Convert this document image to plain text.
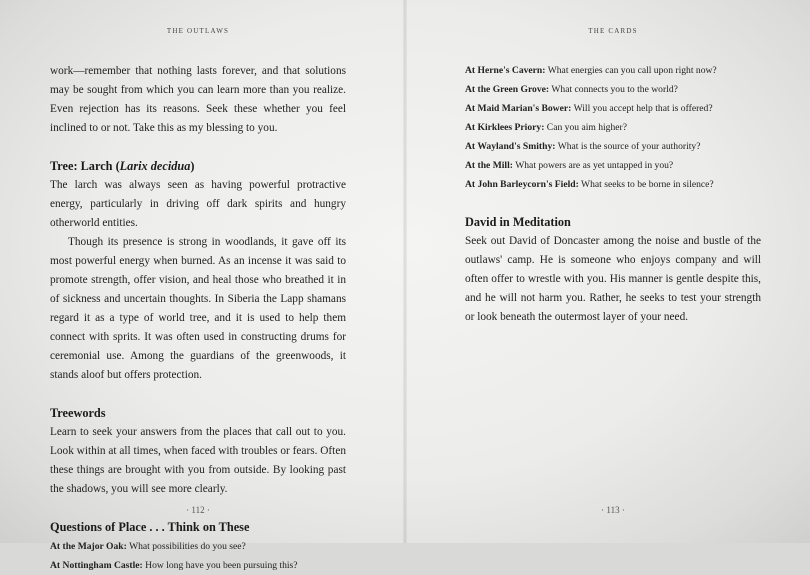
THE OUTLAWS

work—remember that nothing lasts forever, and that solutions may be sought from which you can learn more than you realize. Even rejection has its reasons. Seek these whether you feel inclined to or not. Take this as my blessing to you.

Tree: Larch (Larix decidua)

The larch was always seen as having powerful protractive energy, particularly in driving off dark spirits and hungry otherworld entities.

Though its presence is strong in woodlands, it gave off its most powerful energy when burned. As an incense it was said to promote strength, offer vision, and heal those who breathed it in of sickness and uncertain thoughts. In Siberia the Lapp shamans regard it as a type of world tree, and it is used to help them connect with sprits. It was often used in constructing drums for ceremonial use. Among the guardians of the greenwoods, it stands aloof but offers protection.

Treewords

Learn to seek your answers from the places that call out to you. Look within at all times, when faced with troubles or fears. Often these things are brought with you from outside. By looking past the shadows, you will see more clearly.

Questions of Place . . . Think on These
At the Major Oak: What possibilities do you see?
At Nottingham Castle: How long have you been pursuing this?
· 112 ·
THE CARDS
At Herne's Cavern: What energies can you call upon right now?
At the Green Grove: What connects you to the world?
At Maid Marian's Bower: Will you accept help that is offered?
At Kirklees Priory: Can you aim higher?
At Wayland's Smithy: What is the source of your authority?
At the Mill: What powers are as yet untapped in you?
At John Barleycorn's Field: What seeks to be borne in silence?
David in Meditation

Seek out David of Doncaster among the noise and bustle of the outlaws' camp. He is someone who enjoys company and will often offer to wrestle with you. His manner is gentle despite this, and he will not harm you. Rather, he seeks to test your strength or look beneath the outermost layer of your need.

· 113 ·
